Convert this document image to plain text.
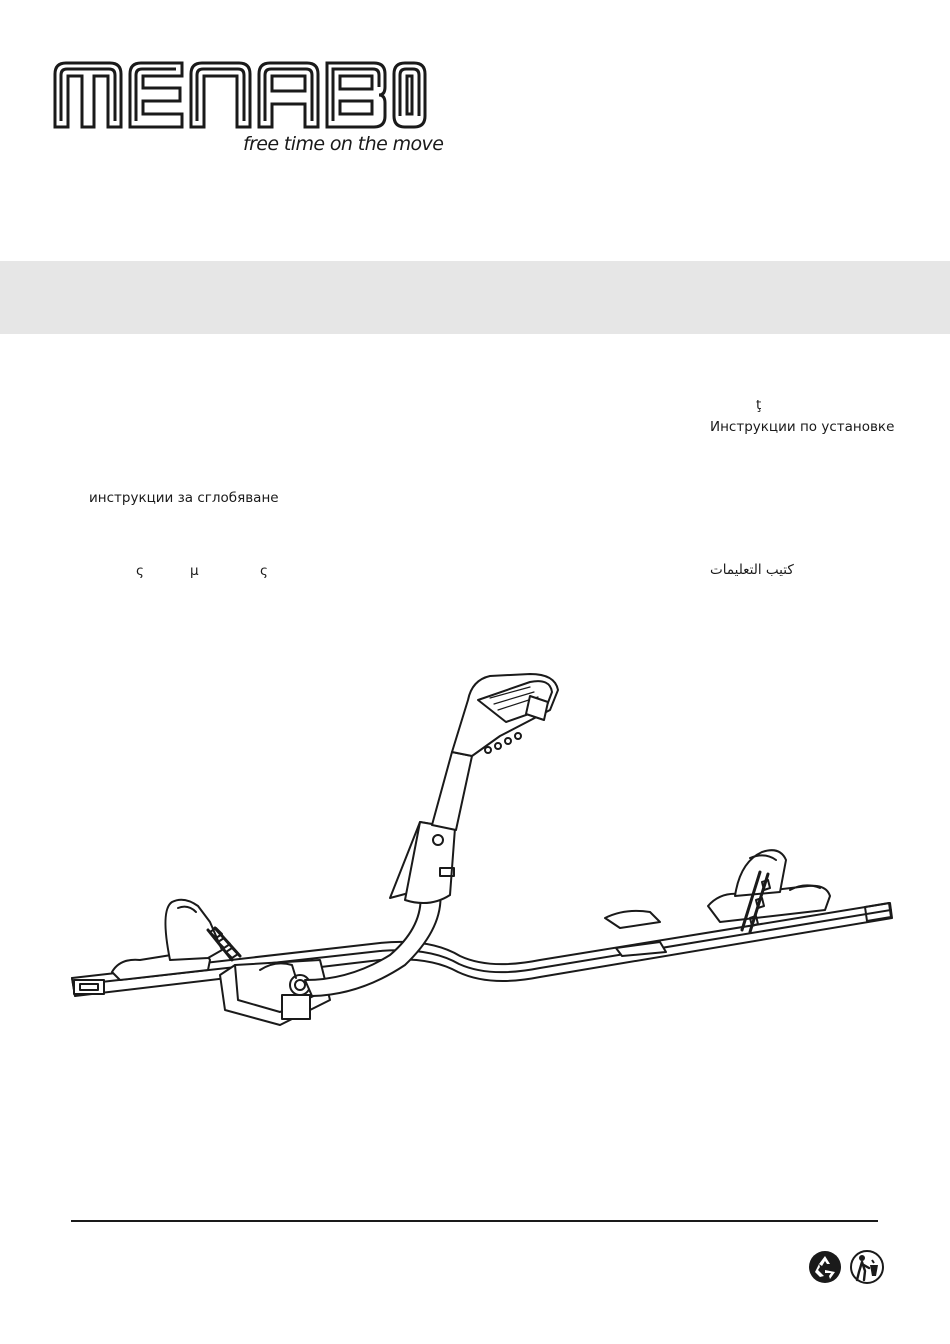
free time on the move
ţ
Инструкции по установке
инструкции за сглобяване
ς	μ	ς	كتيب التعليمات
